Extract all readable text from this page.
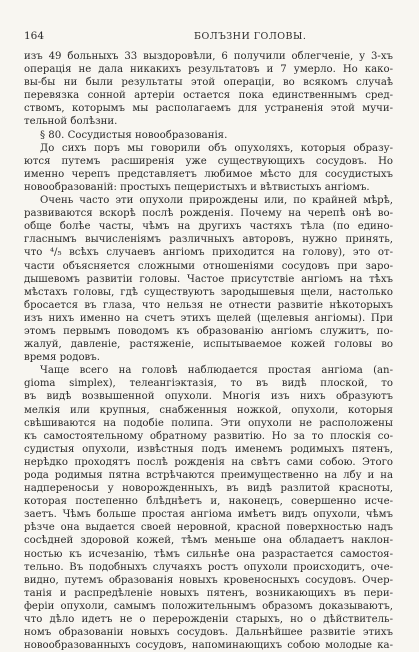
164	БОЛЪЗНИ ГОЛОВЫ.
изъ 49 больныхъ 33 выздоровѣли, 6 получили облегченіе, у 3-хъ
операція не дала никакихъ результатовъ и 7 умерло. Но како-
вы-бы ни были результаты этой операціи, во всякомъ случаѣ
перевязка сонной артеріи остается пока единственнымъ сред-
ствомъ, которымъ мы располагаемъ для устраненія этой мучи-
тельной болѣзни.
§ 80. Сосудистыя новообразованія.
До сихъ поръ мы говорили объ опухоляхъ, которыя образу-
ются путемъ расширенія уже существующихъ сосудовъ. Но
именно черепъ представляетъ любимое мѣсто для сосудистыхъ
новообразованій: простыхъ пещеристыхъ и вѣтвистыхъ ангіомъ.
Очень часто эти опухоли прирождены или, по крайней мѣрѣ,
развиваются вскорѣ послѣ рожденія. Почему на черепѣ онѣ во-
обще болѣе часты, чѣмъ на другихъ частяхъ тѣла (по едино-
гласнымъ вычисленіямъ различныхъ авторовъ, нужно принять,
что ⁴/₅ всѣхъ случаевъ ангіомъ приходится на голову), это от-
части объясняется сложными отношеніями сосудовъ при заро-
дышевомъ развитіи головы. Частое присутствіе ангіомъ на тѣхъ
мѣстахъ головы, гдѣ существуютъ зародышевыя щели, настолько
бросается въ глаза, что нельзя не отнести развитіе нѣкоторыхъ
изъ нихъ именно на счетъ этихъ щелей (щелевыя ангіомы). При
этомъ первымъ поводомъ къ образованію ангіомъ служитъ, по-
жалуй, давленіе, растяженіе, испытываемое кожей головы во
время родовъ.
Чаще всего на головѣ наблюдается простая ангіома (an-
gioma simplex), телеангіэктазія, то въ видѣ плоской, то
въ видѣ возвышенной опухоли. Многія изъ нихъ образуютъ
мелкія или крупныя, снабженныя ножкой, опухоли, которыя
свѣшиваются на подобіе полипа. Эти опухоли не расположены
къ самостоятельному обратному развитію. Но за то плоскія со-
судистыя опухоли, извѣстныя подъ именемъ родимыхъ пятенъ,
нерѣдко проходятъ послѣ рожденія на свѣтъ сами собою. Этого
рода родимыя пятна встрѣчаются преимущественно на лбу и на
надпереносьи у новорожденныхъ, въ видѣ разлитой красноты,
которая постепенно блѣднѣетъ и, наконецъ, совершенно исче-
заетъ. Чѣмъ больше простая ангіома имѣетъ видъ опухоли, чѣмъ
рѣзче она выдается своей неровной, красной поверхностью надъ
сосѣдней здоровой кожей, тѣмъ меньше она обладаетъ наклон-
ностью къ исчезанію, тѣмъ сильнѣе она разрастается самостоя-
тельно. Въ подобныхъ случаяхъ ростъ опухоли происходитъ, оче-
видно, путемъ образованія новыхъ кровеносныхъ сосудовъ. Очер-
танія и распредѣленіе новыхъ пятенъ, возникающихъ въ пери-
феріи опухоли, самымъ положительнымъ образомъ доказываютъ,
что дѣло идетъ не о перерожденіи старыхъ, но о дѣйствитель-
номъ образованіи новыхъ сосудовъ. Дальнѣйшее развитіе этихъ
новообразованныхъ сосудовъ, напоминающихъ собою молодые ка-
